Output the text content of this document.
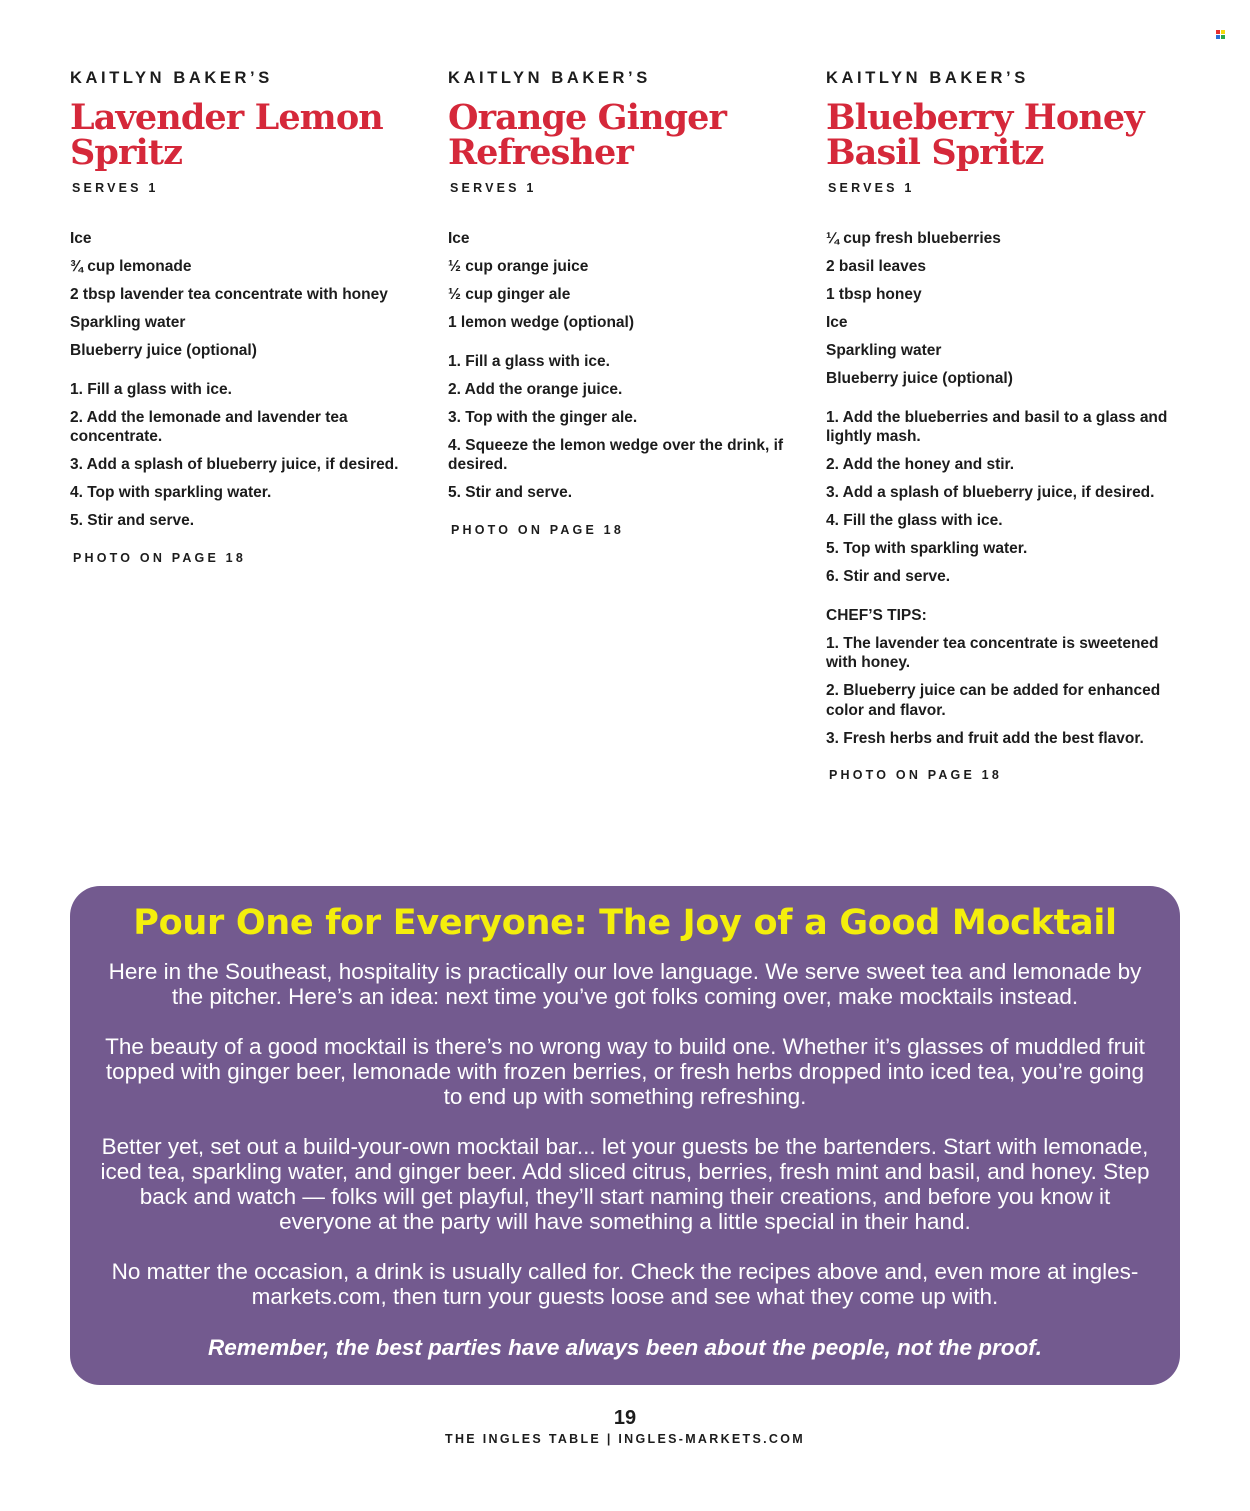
KAITLYN BAKER’S

Lavender Lemon
Spritz

SERVES 1

Ice
¾ cup lemonade
2 tbsp lavender tea concentrate with honey
Sparkling water
Blueberry juice (optional)
1. Fill a glass with ice.
2. Add the lemonade and lavender tea concentrate.
3. Add a splash of blueberry juice, if desired.
4. Top with sparkling water.
5. Stir and serve.

PHOTO ON PAGE 18

KAITLYN BAKER’S

Orange Ginger
Refresher

SERVES 1

Ice
½ cup orange juice
½ cup ginger ale
1 lemon wedge (optional)
1. Fill a glass with ice.
2. Add the orange juice.
3. Top with the ginger ale.
4. Squeeze the lemon wedge over the drink, if desired.
5. Stir and serve.

PHOTO ON PAGE 18

KAITLYN BAKER’S

Blueberry Honey
Basil Spritz

SERVES 1

¼ cup fresh blueberries
2 basil leaves
1 tbsp honey
Ice
Sparkling water
Blueberry juice (optional)
1. Add the blueberries and basil to a glass and lightly mash.
2. Add the honey and stir.
3. Add a splash of blueberry juice, if desired.
4. Fill the glass with ice.
5. Top with sparkling water.
6. Stir and serve.

CHEF’S TIPS:

1. The lavender tea concentrate is sweetened with honey.
2. Blueberry juice can be added for enhanced color and flavor.
3. Fresh herbs and fruit add the best flavor.

PHOTO ON PAGE 18

Pour One for Everyone: The Joy of a Good Mocktail

Here in the Southeast, hospitality is practically our love language. We serve sweet tea and lemonade by the pitcher. Here’s an idea: next time you’ve got folks coming over, make mocktails instead.

The beauty of a good mocktail is there’s no wrong way to build one. Whether it’s glasses of muddled fruit topped with ginger beer, lemonade with frozen berries, or fresh herbs dropped into iced tea, you’re going to end up with something refreshing.

Better yet, set out a build-your-own mocktail bar... let your guests be the bartenders. Start with lemonade, iced tea, sparkling water, and ginger beer. Add sliced citrus, berries, fresh mint and basil, and honey. Step back and watch — folks will get playful, they’ll start naming their creations, and before you know it everyone at the party will have something a little special in their hand.

No matter the occasion, a drink is usually called for. Check the recipes above and, even more at ingles-markets.com, then turn your guests loose and see what they come up with.

Remember, the best parties have always been about the people, not the proof.

19
THE INGLES TABLE | INGLES-MARKETS.COM
